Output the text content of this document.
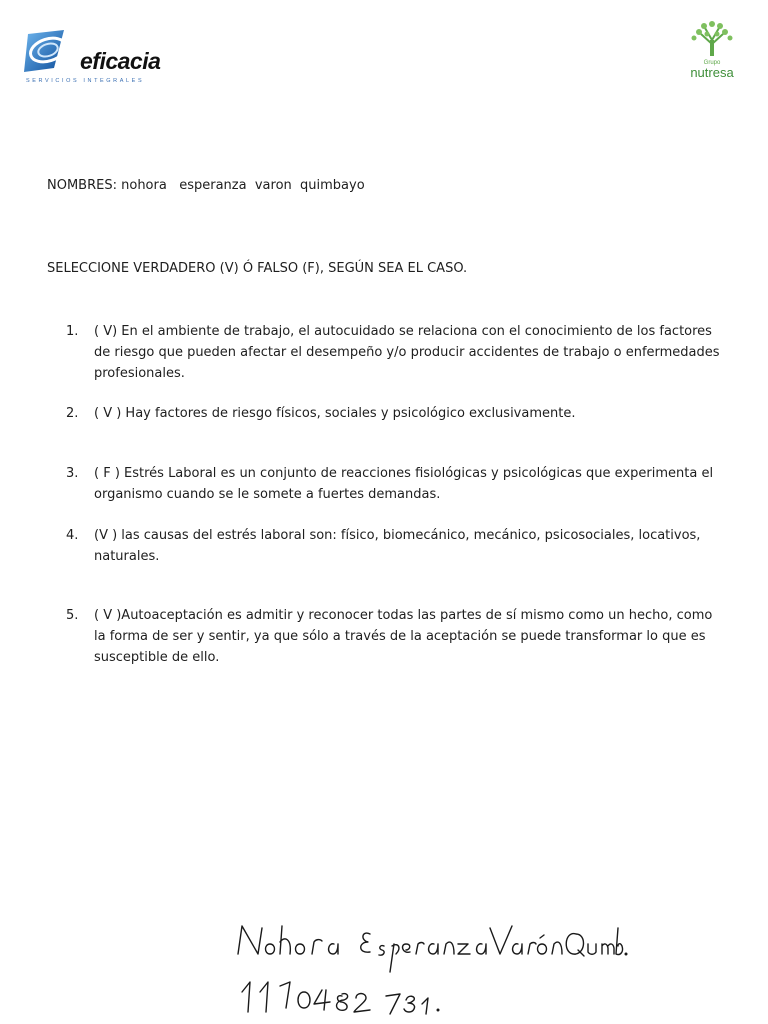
eficacia
SERVICIOS INTEGRALES
Grupo
nutresa
NOMBRES: nohora   esperanza  varon  quimbayo
SELECCIONE VERDADERO (V) Ó FALSO (F), SEGÚN SEA EL CASO.
1.	( V) En el ambiente de trabajo, el autocuidado se relaciona con el conocimiento de los factores de riesgo que pueden afectar el desempeño y/o producir accidentes de trabajo o enfermedades profesionales.
2.	( V ) Hay factores de riesgo físicos, sociales y psicológico exclusivamente.
3.	( F ) Estrés Laboral es un conjunto de reacciones fisiológicas y psicológicas que experimenta el organismo cuando se le somete a fuertes demandas.
4.	(V ) las causas del estrés laboral son: físico, biomecánico, mecánico, psicosociales, locativos, naturales.
5.	( V )Autoaceptación es admitir y reconocer todas las partes de sí mismo como un hecho, como la forma de ser y sentir, ya que sólo a través de la aceptación se puede transformar lo que es susceptible de ello.
